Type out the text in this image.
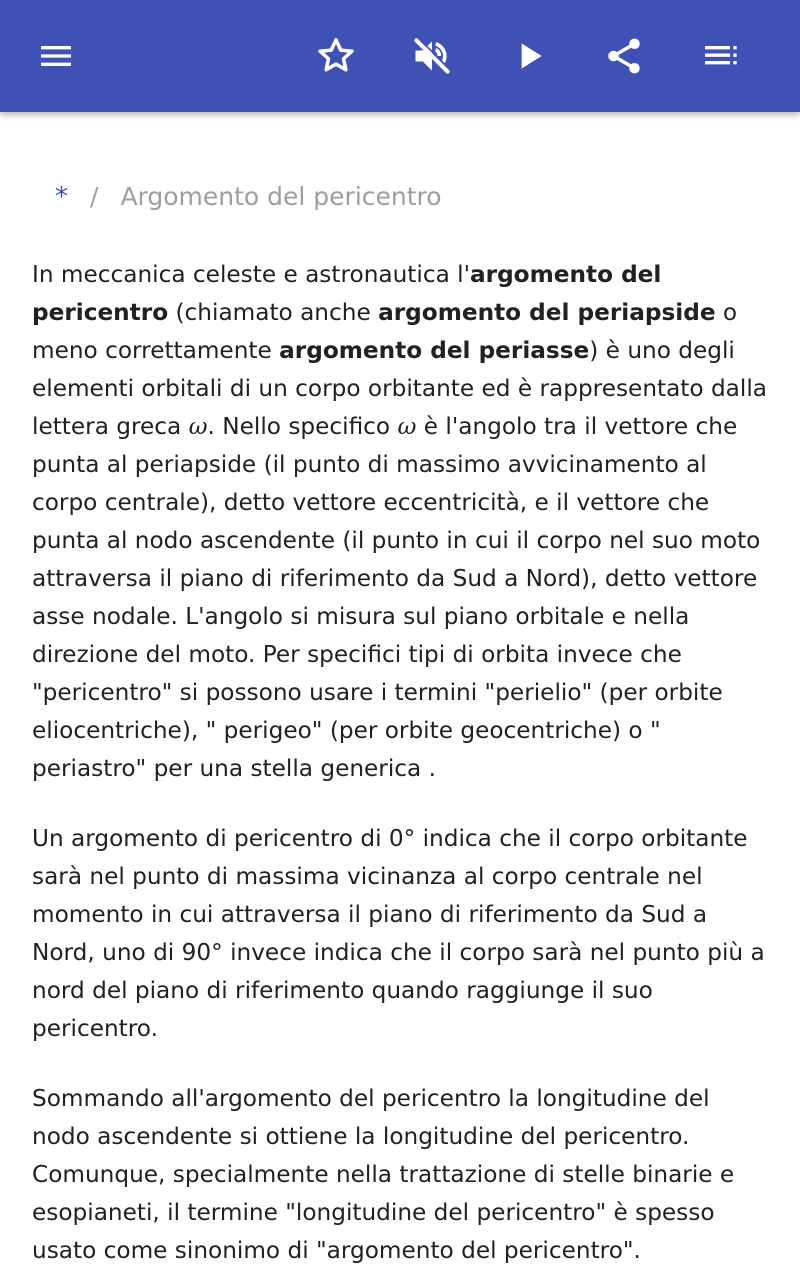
* / Argomento del pericentro

In meccanica celeste e astronautica l'argomento del pericentro (chiamato anche argomento del periapside o meno correttamente argomento del periasse) è uno degli elementi orbitali di un corpo orbitante ed è rappresentato dalla lettera greca ω. Nello specifico ω è l'angolo tra il vettore che punta al periapside (il punto di massimo avvicinamento al corpo centrale), detto vettore eccentricità, e il vettore che punta al nodo ascendente (il punto in cui il corpo nel suo moto attraversa il piano di riferimento da Sud a Nord), detto vettore asse nodale. L'angolo si misura sul piano orbitale e nella direzione del moto. Per specifici tipi di orbita invece che "pericentro" si possono usare i termini "perielio" (per orbite eliocentriche), " perigeo" (per orbite geocentriche) o " periastro" per una stella generica .

Un argomento di pericentro di 0° indica che il corpo orbitante sarà nel punto di massima vicinanza al corpo centrale nel momento in cui attraversa il piano di riferimento da Sud a Nord, uno di 90° invece indica che il corpo sarà nel punto più a nord del piano di riferimento quando raggiunge il suo pericentro.

Sommando all'argomento del pericentro la longitudine del nodo ascendente si ottiene la longitudine del pericentro. Comunque, specialmente nella trattazione di stelle binarie e esopianeti, il termine "longitudine del pericentro" è spesso usato come sinonimo di "argomento del pericentro".
